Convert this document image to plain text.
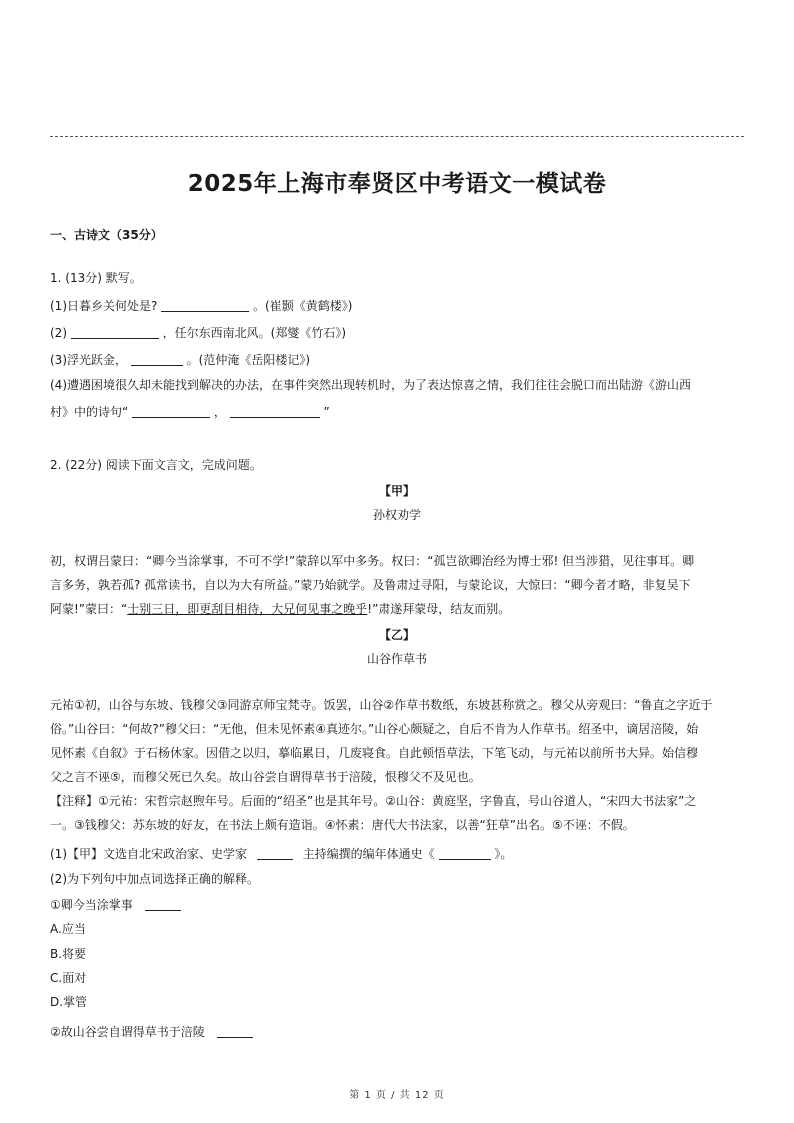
2025年上海市奉贤区中考语文一模试卷
一、古诗文（35分）
1. (13分) 默写。
(1)日暮乡关何处是?	。(崔颢《黄鹤楼》)
(2)	，任尔东西南北风。(郑燮《竹石》)
(3)浮光跃金，	。(范仲淹《岳阳楼记》)
(4)遭遇困境很久却未能找到解决的办法，在事件突然出现转机时，为了表达惊喜之情，我们往往会脱口而出陆游《游山西
村》中的诗句“	，	”
2. (22分) 阅读下面文言文，完成问题。
【甲】
孙权劝学
初，权谓吕蒙曰：“卿今当涂掌事，不可不学!”蒙辞以军中多务。权曰：“孤岂欲卿治经为博士邪! 但当涉猎，见往事耳。卿
言多务，孰若孤? 孤常读书，自以为大有所益。”蒙乃始就学。及鲁肃过寻阳，与蒙论议，大惊曰：“卿今者才略，非复吴下
阿蒙!”蒙曰：“士别三日，即更刮目相待，大兄何见事之晚乎!”肃遂拜蒙母，结友而别。
【乙】
山谷作草书
元祐①初，山谷与东坡、钱穆父③同游京师宝梵寺。饭罢，山谷②作草书数纸，东坡甚称赏之。穆父从旁观曰：“鲁直之字近于
俗。”山谷曰：“何故?”穆父曰：“无他，但未见怀素④真迹尔。”山谷心颇疑之，自后不肯为人作草书。绍圣中，谪居涪陵，始
见怀素《自叙》于石杨休家。因借之以归，摹临累日，几废寝食。自此顿悟草法，下笔飞动，与元祐以前所书大异。始信穆
父之言不诬⑤，而穆父死已久矣。故山谷尝自谓得草书于涪陵，恨穆父不及见也。
【注释】①元祐：宋哲宗赵煦年号。后面的“绍圣”也是其年号。②山谷：黄庭坚，字鲁直，号山谷道人，“宋四大书法家”之
一。③钱穆父：苏东坡的好友，在书法上颇有造诣。④怀素：唐代大书法家，以善“狂草”出名。⑤不诬：不假。
(1)【甲】文选自北宋政治家、史学家	主持编撰的编年体通史《	》。
(2)为下列句中加点词选择正确的解释。
①卿今当涂掌事
A.应当
B.将要
C.面对
D.掌管
②故山谷尝自谓得草书于涪陵
第 1 页 / 共 12 页
